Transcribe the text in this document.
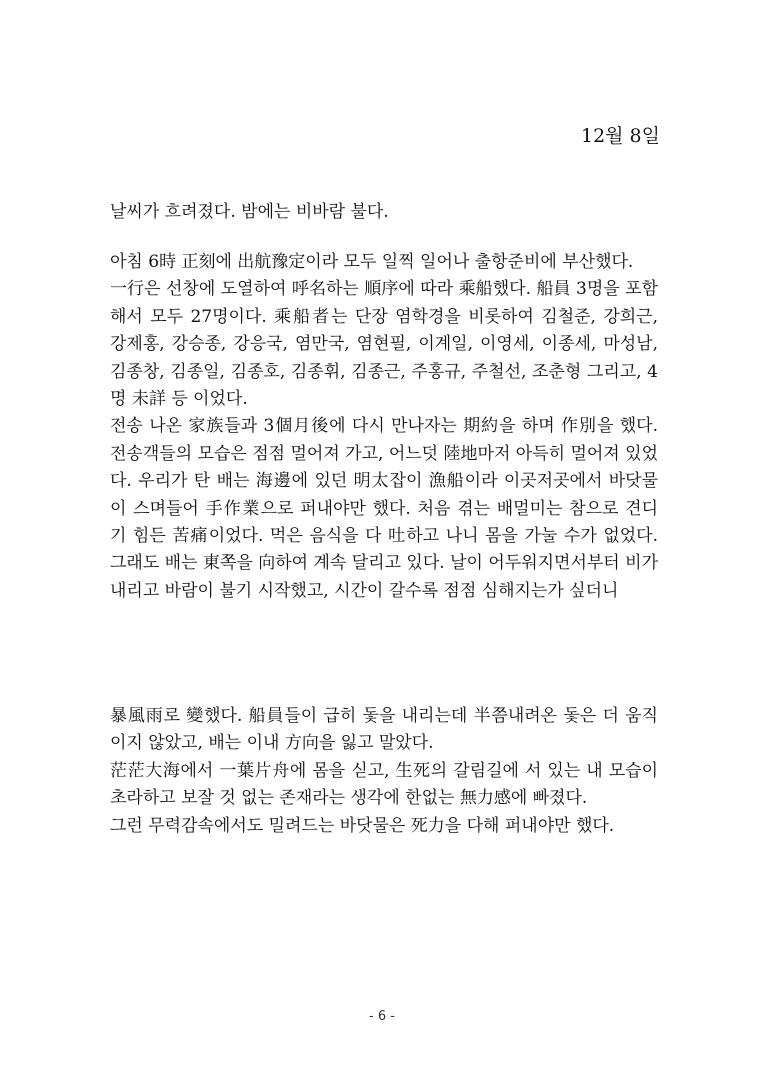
12월 8일

날씨가 흐려졌다. 밤에는 비바람 불다.

아침 6時 正刻에 出航豫定이라 모두 일찍 일어나 출항준비에 부산했다.

一行은 선창에 도열하여 呼名하는 順序에 따라 乘船했다. 船員 3명을 포함해서 모두 27명이다. 乘船者는 단장 염학경을 비롯하여 김철준, 강희근, 강제홍, 강승종, 강응국, 염만국, 염현필, 이계일, 이영세, 이종세, 마성남, 김종창, 김종일, 김종호, 김종휘, 김종근, 주홍규, 주철선, 조춘형 그리고, 4명 未詳 등 이었다.

전송 나온 家族들과 3個月後에 다시 만나자는 期約을 하며 作別을 했다. 전송객들의 모습은 점점 멀어져 가고, 어느덧 陸地마저 아득히 멀어져 있었다. 우리가 탄 배는 海邊에 있던 明太잡이 漁船이라 이곳저곳에서 바닷물이 스며들어 手作業으로 퍼내야만 했다. 처음 겪는 배멀미는 참으로 견디기 힘든 苦痛이었다. 먹은 음식을 다 吐하고 나니 몸을 가눌 수가 없었다. 그래도 배는 東쪽을 向하여 계속 달리고 있다. 날이 어두워지면서부터 비가내리고 바람이 불기 시작했고, 시간이 갈수록 점점 심해지는가 싶더니

暴風雨로 變했다. 船員들이 급히 돛을 내리는데 半쯤내려온 돛은 더 움직이지 않았고, 배는 이내 方向을 잃고 말았다.

茫茫大海에서 一葉片舟에 몸을 싣고, 生死의 갈림길에 서 있는 내 모습이 초라하고 보잘 것 없는 존재라는 생각에 한없는 無力感에 빠졌다.

그런 무력감속에서도 밀려드는 바닷물은 死力을 다해 퍼내야만 했다.

- 6 -
